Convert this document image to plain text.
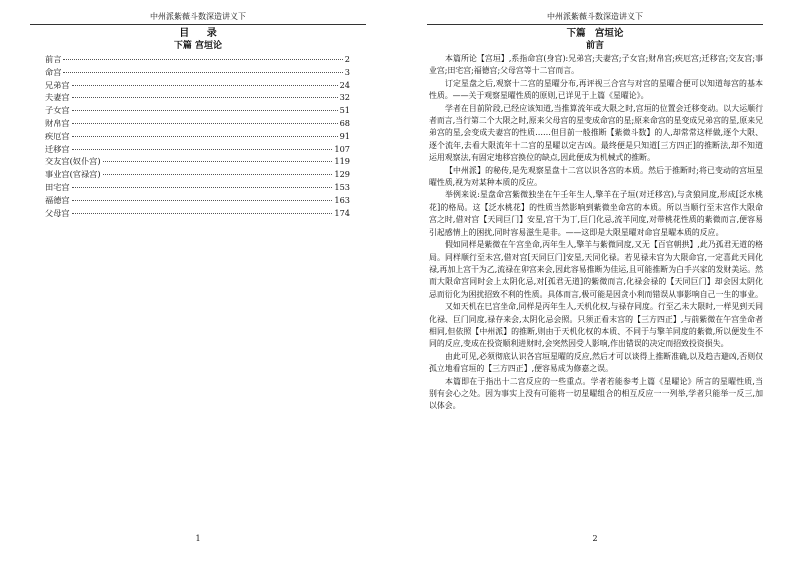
中州派紫薇斗数深造讲义下
目 录
下篇 宫垣论
前言	2
命宫	3
兄弟宫	24
夫妻宫	32
子女宫	51
财帛宫	68
疾厄宫	91
迁移宫	107
交友宫(奴仆宫)	119
事业宫(官禄宫)	129
田宅宫	153
福德宫	163
父母宫	174
1
中州派紫薇斗数深造讲义下
下篇 宫垣论
前言

本篇所论【宫垣】,系指命宫(身宫):兄弟宫;夫妻宫;子女宫;财帛宫;疾厄宫;迁移宫;交友宫;事业宫;田宅宫;福德宫;父母宫等十二宫而言。

订定星盘之后,观察十二宫的星曜分布,再评视三合宫与对宫的星曜合便可以知道每宫的基本性质。——关于观察星曜性质的原则,已详见于上篇《星曜论》。

学者在目前阶段,已经应该知道,当推算流年或大限之时,宫垣的位置会迁移变动。以大运顺行者而言,当行第二个大限之时,原来父母宫的星变成命宫的星;原来命宫的星变成兄弟宫的星,原来兄弟宫的星,会变成夫妻宫的性质……但目前一般推断【紫微斗数】的人,却常常这样做,逐个大限、逐个流年,去看大限流年十二宫的星曜以定吉凶。最终便是只知道[三方四正]的推断法,却不知道运用观察法,有固定地移宫换位的缺点,因此便成为机械式的推断。

【中州派】的秘传,是先观察星盘十二宫以识各宫的本质。然后于推断时;将已变动的宫垣星曜性质,视为对某种本质的反应。

举例来说:星盘命宫紫微独坐在午壬年生人,擎羊在子垣(对迁移宫),与贪狼同度,形成[泛水桃花]的格局。这【泛水桃花】的性质当然影响到紫微坐命宫的本质。所以当顺行至末宫作大限命宫之时,借对宫【天同巨门】安星,宫干为丁,巨门化忌,流羊同度,对带桃花性质的紫微而言,便容易引起感情上的困扰,同时容易滋生是非。——这即是大限星曜对命宫星曜本质的反应。

假如同样是紫微在午宫坐命,丙年生人,擎羊与紫微同度,又无【百官朝拱】,此乃孤君无道的格局。同样顺行至未宫,借对宫[天同巨门]安星,天同化禄。若见禄未宫为大限命宫,一定喜此天同化禄,再加上宫干为乙,流禄在卯宫来会,因此容易推断为佳运,且可能推断为白手兴家的发财美运。然而大限命宫同时会上太阴化忌,对[孤君无道]的紫微而言,化禄会禄的【天同巨门】却会因太阴化忌而衍化为困扰招致不利的性质。具体而言,极可能是因贪小利而错误从事影响自己一生的事业。

又如天机在巳宫坐命,同样是丙年生人,天机化权,与禄存同度。行至乙未大限时,一样见到天同化禄、巨门同度,禄存来会,太阴化忌会照。只须正看末宫的【三方四正】,与前紫微在午宫坐命者相同,但依照【中州派】的推断,则由于天机化权的本质、不同于与擎羊同度的紫微,所以便发生不同的反应,变成在投资顺利进财时,会突然因受人影响,作出错误的决定而招致投资损失。

由此可见,必须彻底认识各宫垣星曜的反应,然后才可以谈得上推断准确,以及趋吉避凶,否则仅孤立地看宫垣的【三方四正】,便容易成为修嘉之误。

本篇即在于指出十二宫反应的一些重点。学者若能参考上篇《星曜论》所言的星曜性质,当别有会心之处。因为事实上没有可能将一切星曜组合的相互反应一一列举,学者只能举一反三,加以体会。

2
